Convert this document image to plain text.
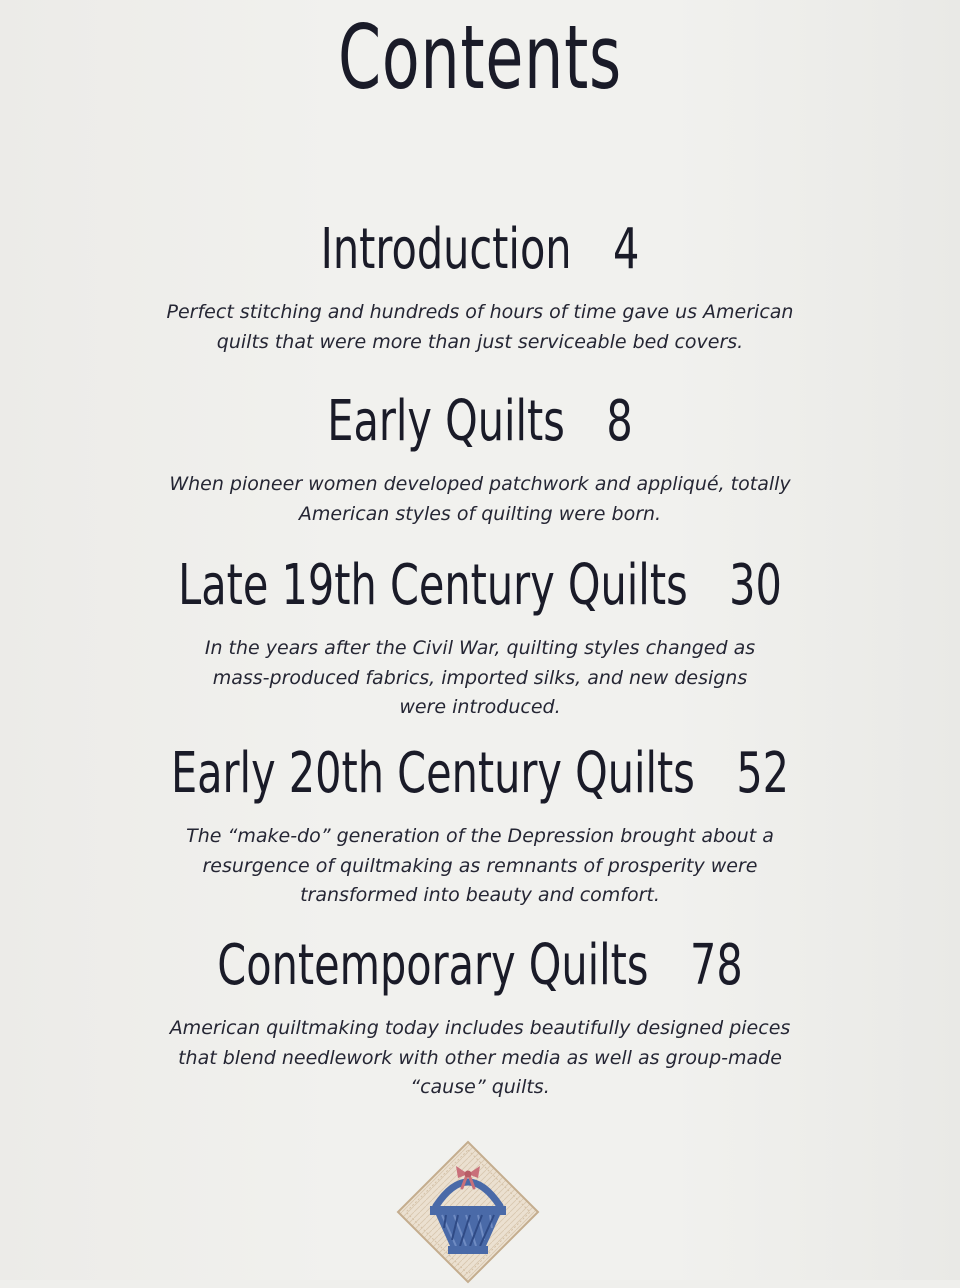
Contents
Introduction 4
Perfect stitching and hundreds of hours of time gave us American
quilts that were more than just serviceable bed covers.
Early Quilts 8
When pioneer women developed patchwork and appliqué, totally
American styles of quilting were born.
Late 19th Century Quilts 30
In the years after the Civil War, quilting styles changed as
mass-produced fabrics, imported silks, and new designs
were introduced.
Early 20th Century Quilts 52
The “make-do” generation of the Depression brought about a
resurgence of quiltmaking as remnants of prosperity were
transformed into beauty and comfort.
Contemporary Quilts 78
American quiltmaking today includes beautifully designed pieces
that blend needlework with other media as well as group-made
“cause” quilts.
